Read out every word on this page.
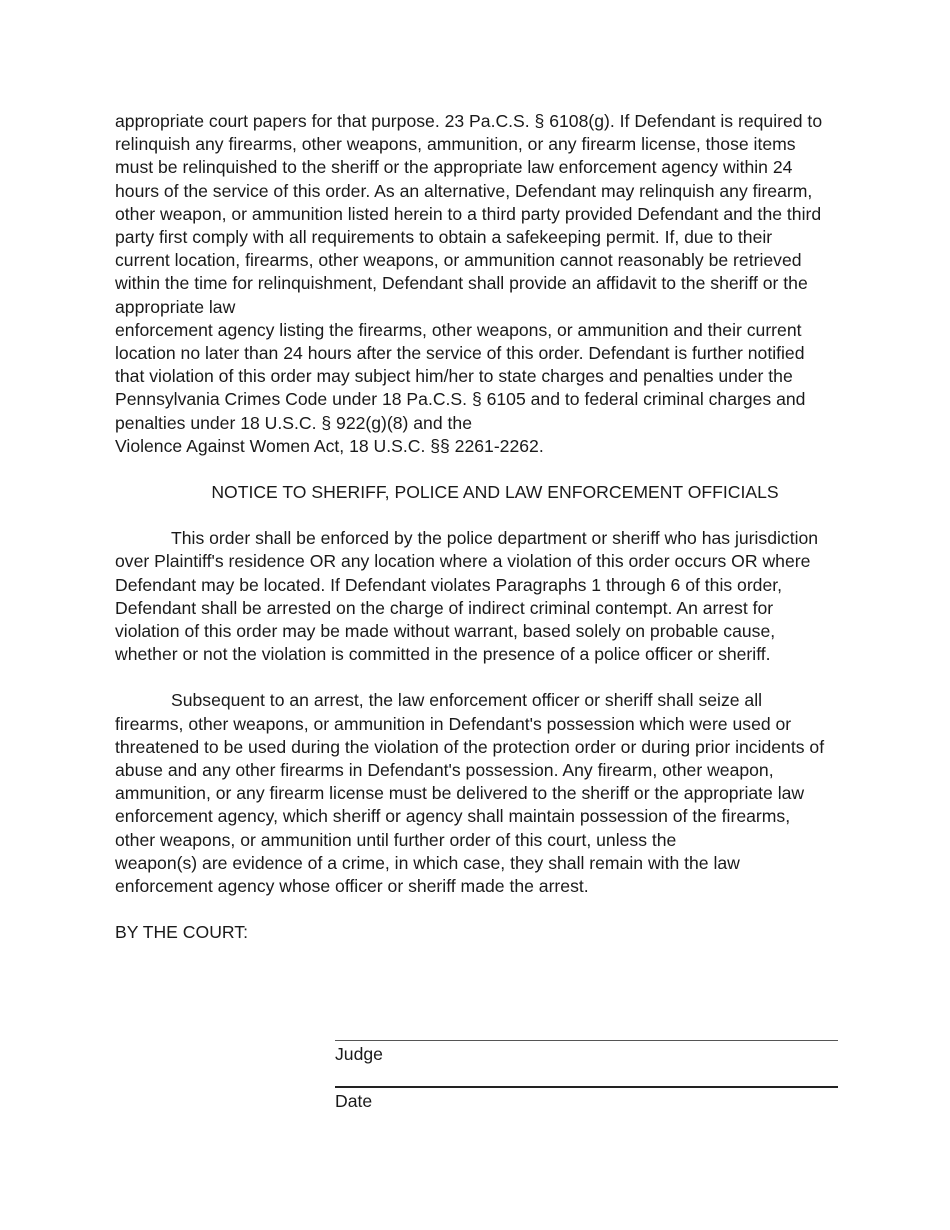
appropriate court papers for that purpose. 23 Pa.C.S. § 6108(g). If Defendant is required to
relinquish any firearms, other weapons, ammunition, or any firearm license, those items
must be relinquished to the sheriff or the appropriate law enforcement agency within 24
hours of the service of this order. As an alternative, Defendant may relinquish any firearm,
other weapon, or ammunition listed herein to a third party provided Defendant and the third
party first comply with all requirements to obtain a safekeeping permit. If, due to their
current location, firearms, other weapons, or ammunition cannot reasonably be retrieved
within the time for relinquishment, Defendant shall provide an affidavit to the sheriff or the
appropriate law
enforcement agency listing the firearms, other weapons, or ammunition and their current
location no later than 24 hours after the service of this order. Defendant is further notified
that violation of this order may subject him/her to state charges and penalties under the
Pennsylvania Crimes Code under 18 Pa.C.S. § 6105 and to federal criminal charges and
penalties under 18 U.S.C. § 922(g)(8) and the
Violence Against Women Act, 18 U.S.C. §§ 2261-2262.
NOTICE TO SHERIFF, POLICE AND LAW ENFORCEMENT OFFICIALS
This order shall be enforced by the police department or sheriff who has jurisdiction
over Plaintiff's residence OR any location where a violation of this order occurs OR where
Defendant may be located. If Defendant violates Paragraphs 1 through 6 of this order,
Defendant shall be arrested on the charge of indirect criminal contempt. An arrest for
violation of this order may be made without warrant, based solely on probable cause,
whether or not the violation is committed in the presence of a police officer or sheriff.
Subsequent to an arrest, the law enforcement officer or sheriff shall seize all
firearms, other weapons, or ammunition in Defendant's possession which were used or
threatened to be used during the violation of the protection order or during prior incidents of
abuse and any other firearms in Defendant's possession. Any firearm, other weapon,
ammunition, or any firearm license must be delivered to the sheriff or the appropriate law
enforcement agency, which sheriff or agency shall maintain possession of the firearms,
other weapons, or ammunition until further order of this court, unless the
weapon(s) are evidence of a crime, in which case, they shall remain with the law
enforcement agency whose officer or sheriff made the arrest.
BY THE COURT:
Judge
Date
